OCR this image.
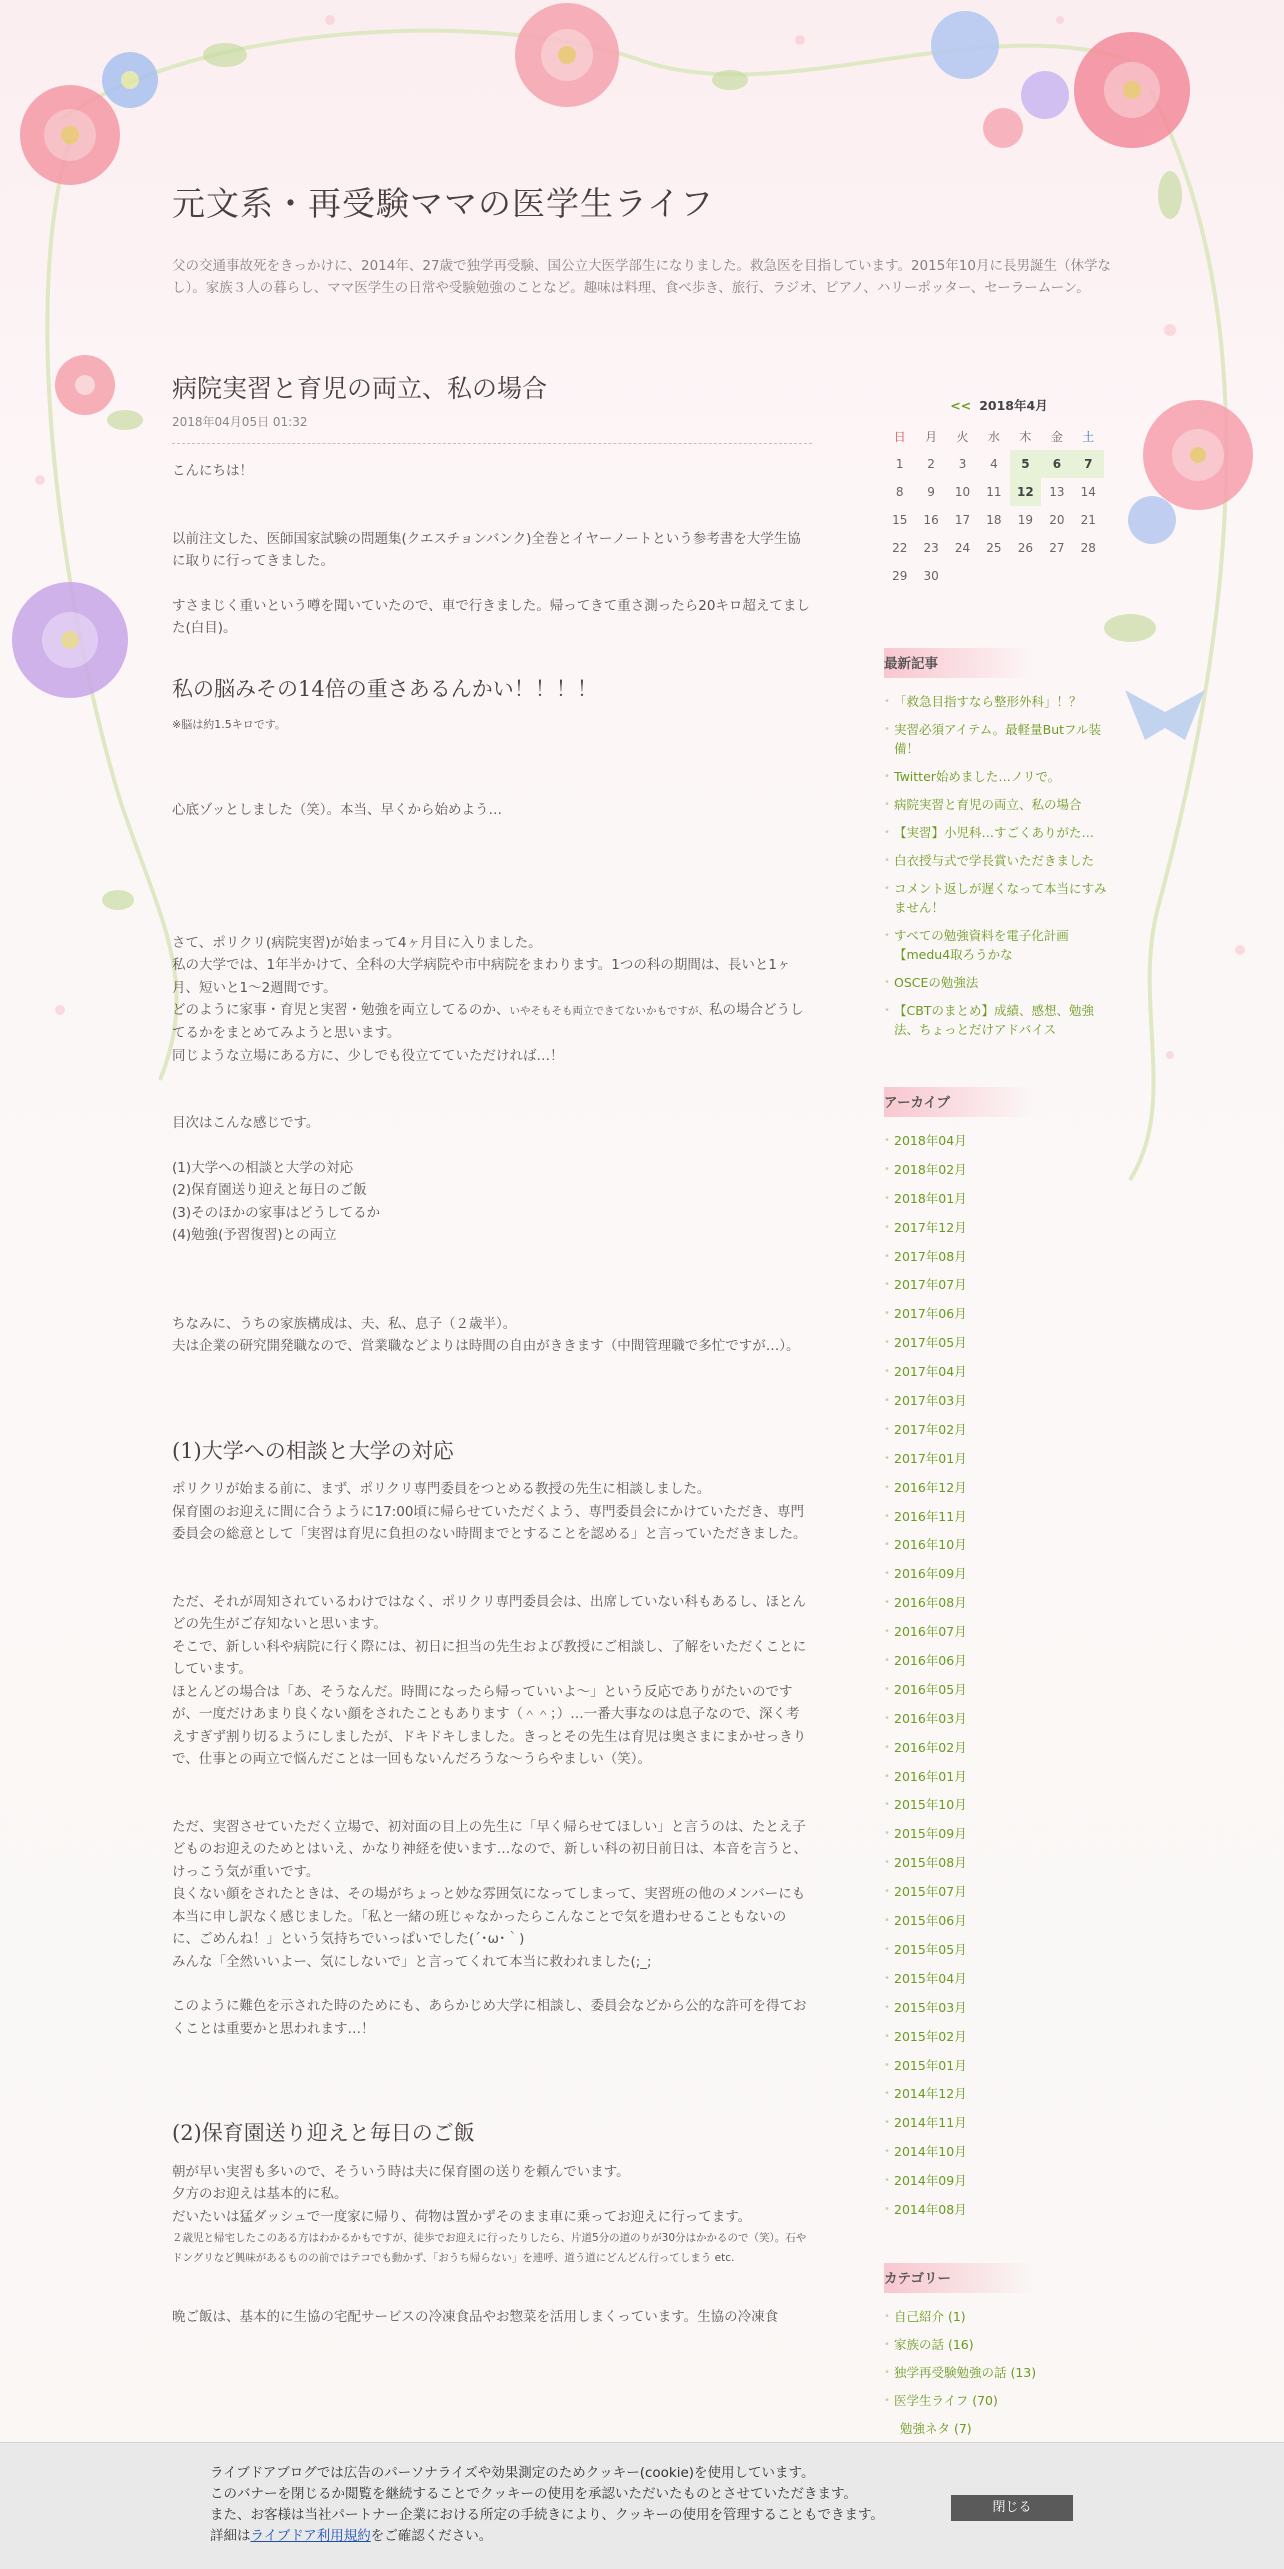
元文系・再受験ママの医学生ライフ
父の交通事故死をきっかけに、2014年、27歳で独学再受験、国公立大医学部生になりました。救急医を目指しています。2015年10月に長男誕生（休学なし）。家族３人の暮らし、ママ医学生の日常や受験勉強のことなど。趣味は料理、食べ歩き、旅行、ラジオ、ピアノ、ハリーポッター、セーラームーン。
病院実習と育児の両立、私の場合
2018年04月05日 01:32

こんにちは！

以前注文した、医師国家試験の問題集(クエスチョンバンク)全巻とイヤーノートという参考書を大学生協に取りに行ってきました。

すさまじく重いという噂を聞いていたので、車で行きました。帰ってきて重さ測ったら20キロ超えてました(白目)。

私の脳みその14倍の重さあるんかい！！！！

※脳は約1.5キロです。

心底ゾッとしました（笑）。本当、早くから始めよう…

さて、ポリクリ(病院実習)が始まって4ヶ月目に入りました。

私の大学では、1年半かけて、全科の大学病院や市中病院をまわります。1つの科の期間は、長いと1ヶ月、短いと1〜2週間です。

どのように家事・育児と実習・勉強を両立してるのか、いやそもそも両立できてないかもですが、私の場合どうしてるかをまとめてみようと思います。

同じような立場にある方に、少しでも役立てていただければ…！

目次はこんな感じです。

(1)大学への相談と大学の対応

(2)保育園送り迎えと毎日のご飯

(3)そのほかの家事はどうしてるか

(4)勉強(予習復習)との両立

ちなみに、うちの家族構成は、夫、私、息子（２歳半）。

夫は企業の研究開発職なので、営業職などよりは時間の自由がききます（中間管理職で多忙ですが…）。

(1)大学への相談と大学の対応

ポリクリが始まる前に、まず、ポリクリ専門委員をつとめる教授の先生に相談しました。

保育園のお迎えに間に合うように17:00頃に帰らせていただくよう、専門委員会にかけていただき、専門委員会の総意として「実習は育児に負担のない時間までとすることを認める」と言っていただきました。

ただ、それが周知されているわけではなく、ポリクリ専門委員会は、出席していない科もあるし、ほとんどの先生がご存知ないと思います。

そこで、新しい科や病院に行く際には、初日に担当の先生および教授にご相談し、了解をいただくことにしています。

ほとんどの場合は「あ、そうなんだ。時間になったら帰っていいよ～」という反応でありがたいのですが、一度だけあまり良くない顔をされたこともあります（＾＾；）…一番大事なのは息子なので、深く考えすぎず割り切るようにしましたが、ドキドキしました。きっとその先生は育児は奥さまにまかせっきりで、仕事との両立で悩んだことは一回もないんだろうな～うらやましい（笑）。

ただ、実習させていただく立場で、初対面の目上の先生に「早く帰らせてほしい」と言うのは、たとえ子どものお迎えのためとはいえ、かなり神経を使います…なので、新しい科の初日前日は、本音を言うと、けっこう気が重いです。

良くない顔をされたときは、その場がちょっと妙な雰囲気になってしまって、実習班の他のメンバーにも本当に申し訳なく感じました。「私と一緒の班じゃなかったらこんなことで気を遣わせることもないのに、ごめんね！」という気持ちでいっぱいでした(´･ω･｀)

みんな「全然いいよー、気にしないで」と言ってくれて本当に救われました(;_;

このように難色を示された時のためにも、あらかじめ大学に相談し、委員会などから公的な許可を得ておくことは重要かと思われます…！

(2)保育園送り迎えと毎日のご飯

朝が早い実習も多いので、そういう時は夫に保育園の送りを頼んでいます。

夕方のお迎えは基本的に私。

だいたいは猛ダッシュで一度家に帰り、荷物は置かずそのまま車に乗ってお迎えに行ってます。

２歳児と帰宅したこのある方はわかるかもですが、徒歩でお迎えに行ったりしたら、片道5分の道のりが30分はかかるので（笑）。石やドングリなど興味があるものの前ではテコでも動かず、「おうち帰らない」を連呼、道う道にどんどん行ってしまう etc.

晩ご飯は、基本的に生協の宅配サービスの冷凍食品やお惣菜を活用しまくっています。生協の冷凍食

<< 2018年4月
日	月	火	水	木	金	土
1	2	3	4	5	6	7
8	9	10	11	12	13	14
15	16	17	18	19	20	21
22	23	24	25	26	27	28
29	30					
最新記事
• 「救急目指すなら整形外科」！？
• 実習必須アイテム。最軽量Butフル装備！
• Twitter始めました…ノリで。
• 病院実習と育児の両立、私の場合
• 【実習】小児科…すごくありがた…
• 白衣授与式で学長賞いただきました
• コメント返しが遅くなって本当にすみません！
• すべての勉強資料を電子化計画【medu4取ろうかな
• OSCEの勉強法
• 【CBTのまとめ】成績、感想、勉強法、ちょっとだけアドバイス
アーカイブ
• 2018年04月
• 2018年02月
• 2018年01月
• 2017年12月
• 2017年08月
• 2017年07月
• 2017年06月
• 2017年05月
• 2017年04月
• 2017年03月
• 2017年02月
• 2017年01月
• 2016年12月
• 2016年11月
• 2016年10月
• 2016年09月
• 2016年08月
• 2016年07月
• 2016年06月
• 2016年05月
• 2016年03月
• 2016年02月
• 2016年01月
• 2015年10月
• 2015年09月
• 2015年08月
• 2015年07月
• 2015年06月
• 2015年05月
• 2015年04月
• 2015年03月
• 2015年02月
• 2015年01月
• 2014年12月
• 2014年11月
• 2014年10月
• 2014年09月
• 2014年08月
カテゴリー
• 自己紹介 (1)
• 家族の話 (16)
• 独学再受験勉強の話 (13)
• 医学生ライフ (70)
勉強ネタ (7)
ライブドアブログでは広告のパーソナライズや効果測定のためクッキー(cookie)を使用しています。
このバナーを閉じるか閲覧を継続することでクッキーの使用を承認いただいたものとさせていただきます。
また、お客様は当社パートナー企業における所定の手続きにより、クッキーの使用を管理することもできます。
詳細はライブドア利用規約をご確認ください。
閉じる
